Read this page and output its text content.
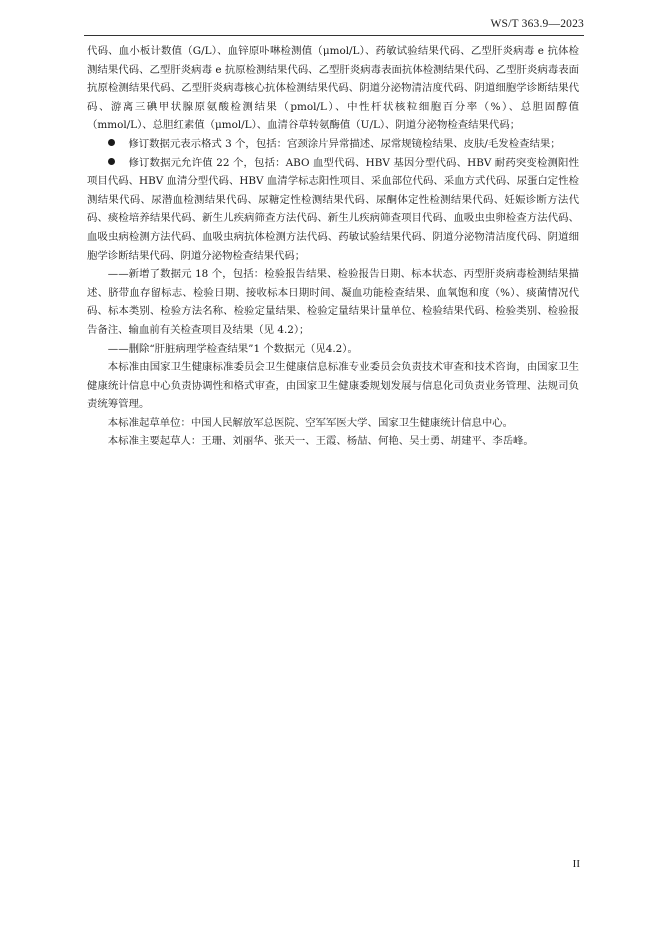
WS/T 363.9—2023

代码、血小板计数值（G/L）、血锌原卟啉检测值（μmol/L）、药敏试验结果代码、乙型肝炎病毒 e 抗体检测结果代码、乙型肝炎病毒 e 抗原检测结果代码、乙型肝炎病毒表面抗体检测结果代码、乙型肝炎病毒表面抗原检测结果代码、乙型肝炎病毒核心抗体检测结果代码、阴道分泌物清洁度代码、阴道细胞学诊断结果代码、游离三碘甲状腺原氨酸检测结果（pmol/L）、中性杆状核粒细胞百分率（%）、总胆固醇值（mmol/L）、总胆红素值（μmol/L）、血清谷草转氨酶值（U/L）、阴道分泌物检查结果代码；

修订数据元表示格式 3 个，包括：宫颈涂片异常描述、尿常规镜检结果、皮肤/毛发检查结果；

修订数据元允许值 22 个，包括：ABO 血型代码、HBV 基因分型代码、HBV 耐药突变检测阳性项目代码、HBV 血清分型代码、HBV 血清学标志阳性项目、采血部位代码、采血方式代码、尿蛋白定性检测结果代码、尿潜血检测结果代码、尿糖定性检测结果代码、尿酮体定性检测结果代码、妊娠诊断方法代码、痰检培养结果代码、新生儿疾病筛查方法代码、新生儿疾病筛查项目代码、血吸虫虫卵检查方法代码、血吸虫病检测方法代码、血吸虫病抗体检测方法代码、药敏试验结果代码、阴道分泌物清洁度代码、阴道细胞学诊断结果代码、阴道分泌物检查结果代码；

——新增了数据元 18 个，包括：检验报告结果、检验报告日期、标本状态、丙型肝炎病毒检测结果描述、脐带血存留标志、检验日期、接收标本日期时间、凝血功能检查结果、血氧饱和度（%）、痰菌情况代码、标本类别、检验方法名称、检验定量结果、检验定量结果计量单位、检验结果代码、检验类别、检验报告备注、输血前有关检查项目及结果（见 4.2）；

——删除“肝脏病理学检查结果”1 个数据元（见4.2）。

本标准由国家卫生健康标准委员会卫生健康信息标准专业委员会负责技术审查和技术咨询，由国家卫生健康统计信息中心负责协调性和格式审查，由国家卫生健康委规划发展与信息化司负责业务管理、法规司负责统筹管理。

本标准起草单位：中国人民解放军总医院、空军军医大学、国家卫生健康统计信息中心。

本标准主要起草人：王珊、刘丽华、张天一、王霞、杨喆、何艳、吴士勇、胡建平、李岳峰。

II
